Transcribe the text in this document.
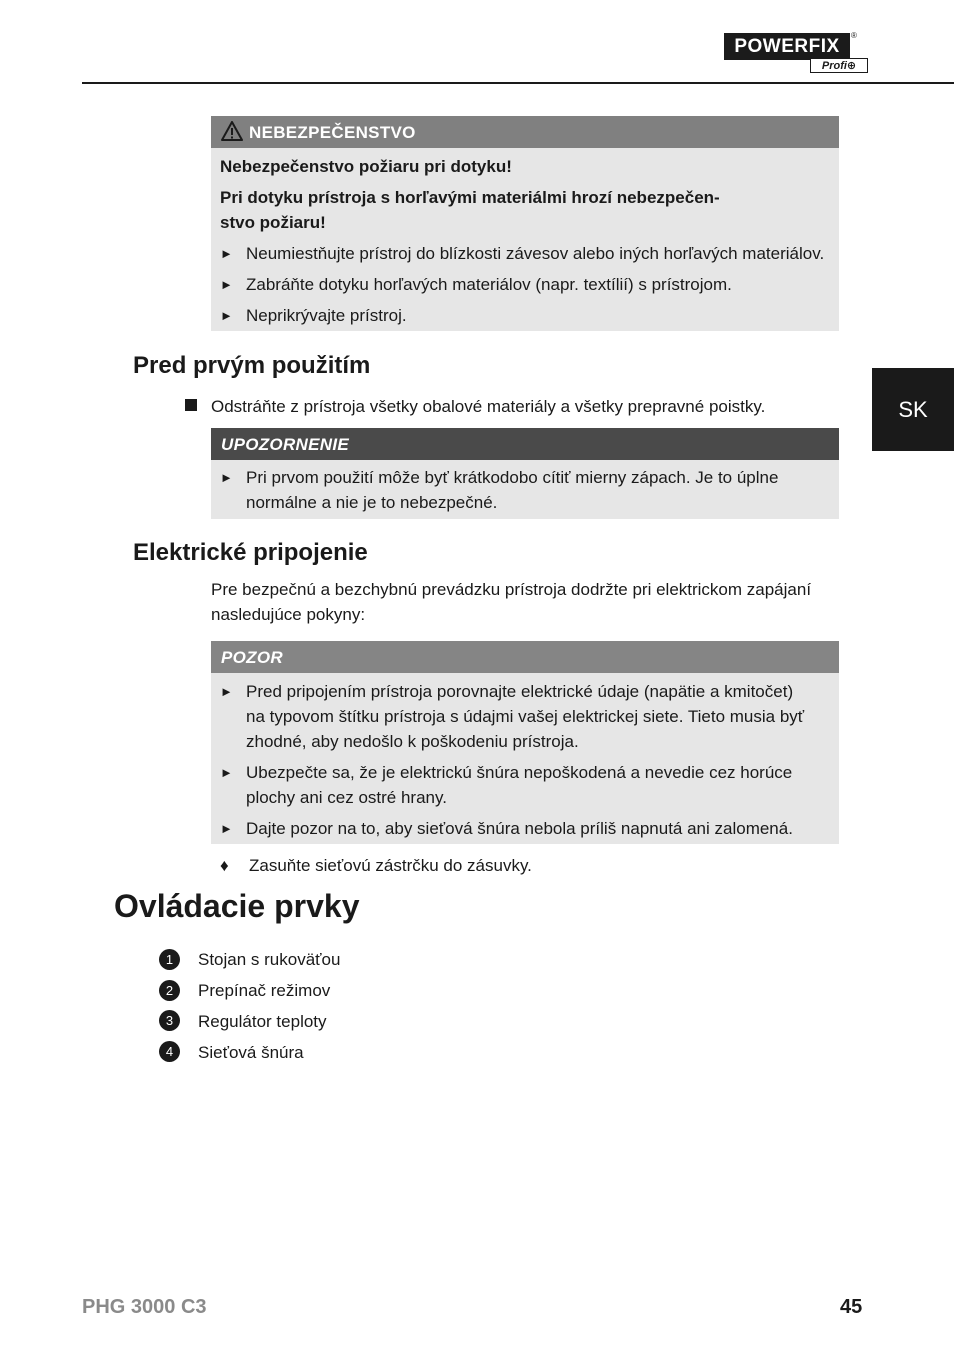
POWERFIX
®
Profi⊕
SK
NEBEZPEČENSTVO

Nebezpečenstvo požiaru pri dotyku!

Pri dotyku prístroja s horľavými materiálmi hrozí nebezpečen-

stvo požiaru!

► Neumiestňujte prístroj do blízkosti závesov alebo iných horľavých materiálov.

► Zabráňte dotyku horľavých materiálov (napr. textílií) s prístrojom.

► Neprikrývajte prístroj.

Pred prvým použitím
Odstráňte z prístroja všetky obalové materiály a všetky prepravné poistky.
UPOZORNENIE

► Pri prvom použití môže byť krátkodobo cítiť mierny zápach. Je to úplne
normálne a nie je to nebezpečné.

Elektrické pripojenie
Pre bezpečnú a bezchybnú prevádzku prístroja dodržte pri elektrickom zapájaní
nasledujúce pokyny:
POZOR

► Pred pripojením prístroja porovnajte elektrické údaje (napätie a kmitočet)
na typovom štítku prístroja s údajmi vašej elektrickej siete. Tieto musia byť
zhodné, aby nedošlo k poškodeniu prístroja.

► Ubezpečte sa, že je elektrickú šnúra nepoškodená a nevedie cez horúce
plochy ani cez ostré hrany.

► Dajte pozor na to, aby sieťová šnúra nebola príliš napnutá ani zalomená.

♦ Zasuňte sieťovú zástrčku do zásuvky.
Ovládacie prvky
1	Stojan s rukoväťou
2	Prepínač režimov
3	Regulátor teploty
4	Sieťová šnúra
PHG 3000 C3	45
